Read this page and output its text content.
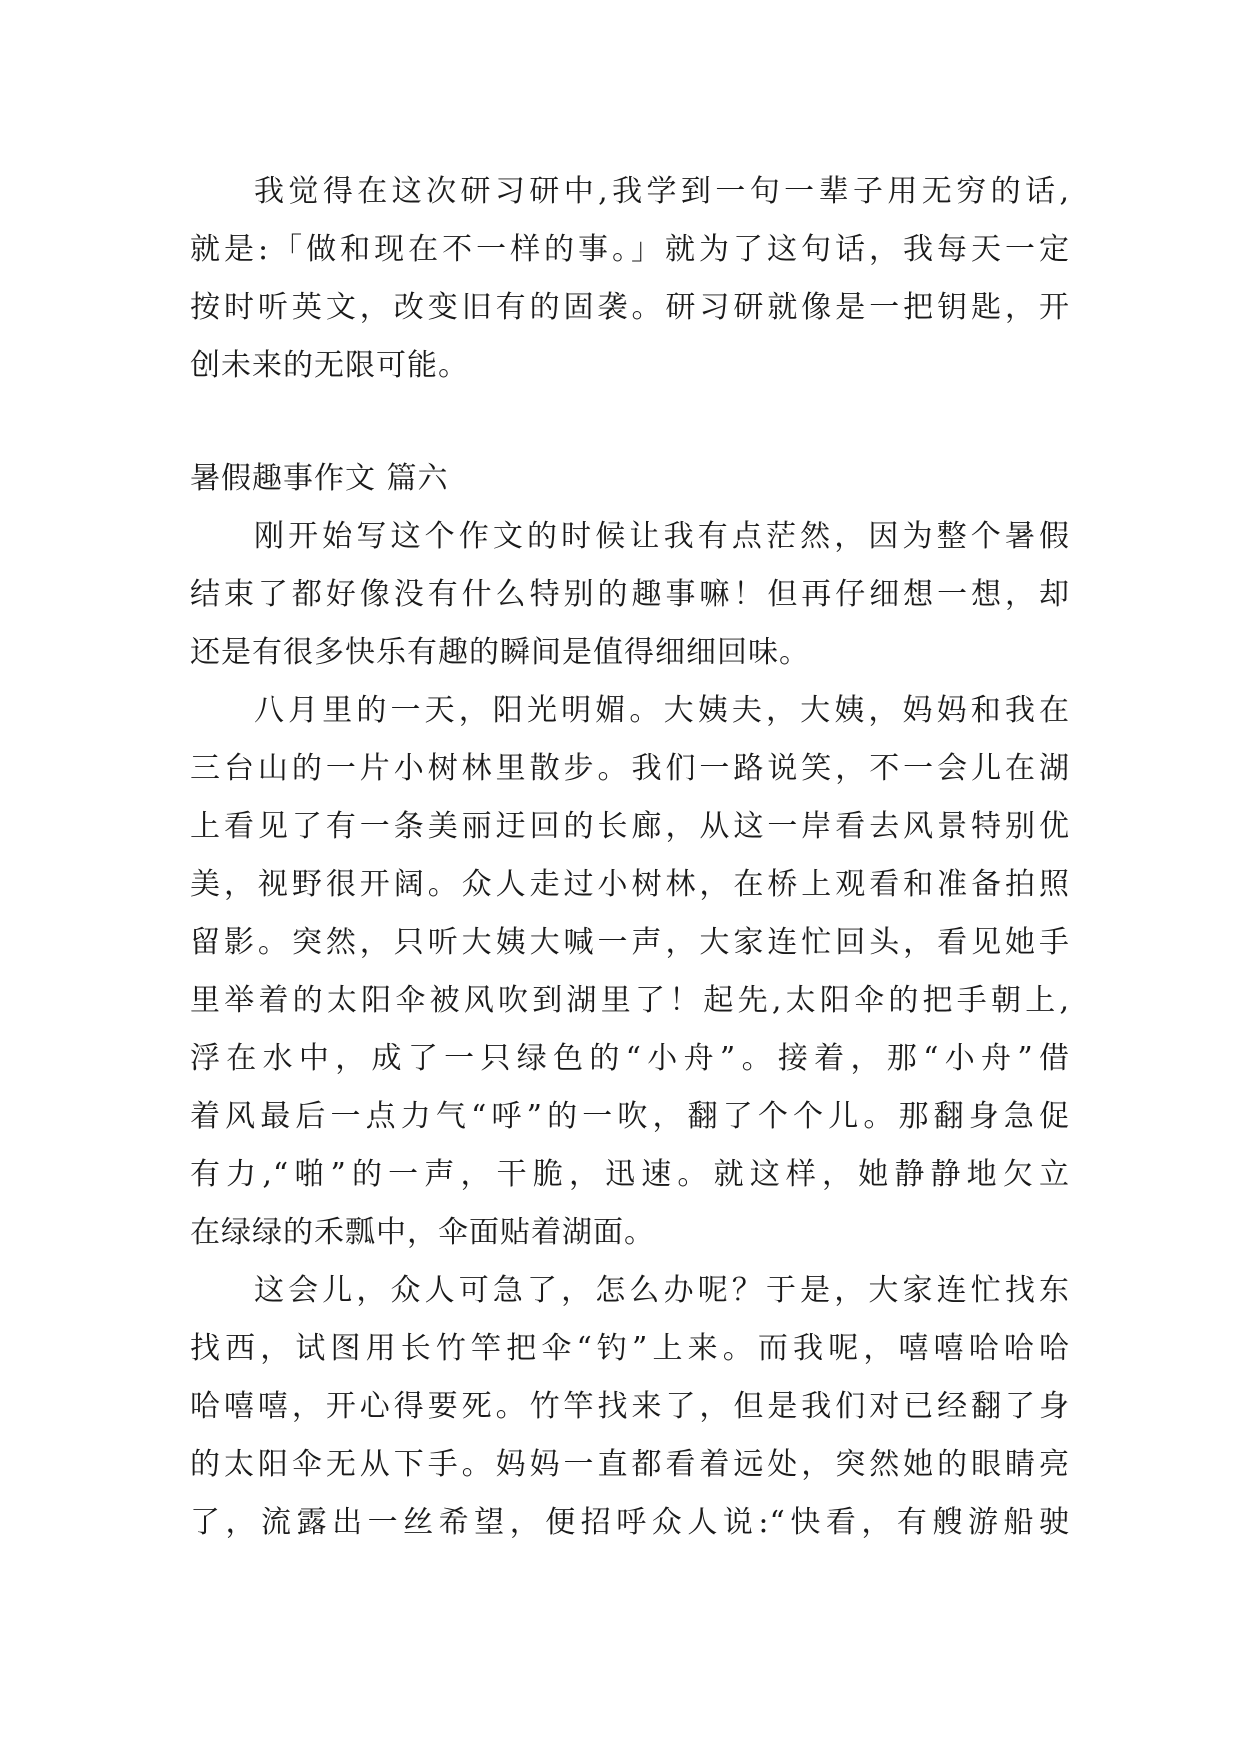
我觉得在这次研习研中,我学到一句一辈子用无穷的话,
就是:「做和现在不一样的事。」就为了这句话，我每天一定
按时听英文，改变旧有的固袭。研习研就像是一把钥匙，开
创未来的无限可能。
暑假趣事作文 篇六
刚开始写这个作文的时候让我有点茫然，因为整个暑假
结束了都好像没有什么特别的趣事嘛！但再仔细想一想，却
还是有很多快乐有趣的瞬间是值得细细回味。
八月里的一天，阳光明媚。大姨夫，大姨，妈妈和我在
三台山的一片小树林里散步。我们一路说笑，不一会儿在湖
上看见了有一条美丽迂回的长廊，从这一岸看去风景特别优
美，视野很开阔。众人走过小树林，在桥上观看和准备拍照
留影。突然，只听大姨大喊一声，大家连忙回头，看见她手
里举着的太阳伞被风吹到湖里了！起先,太阳伞的把手朝上,
浮在水中，成了一只绿色的“小舟”。接着，那“小舟”借
着风最后一点力气“呼”的一吹，翻了个个儿。那翻身急促
有力,“啪”的一声，干脆，迅速。就这样，她静静地欠立
在绿绿的禾瓢中，伞面贴着湖面。
这会儿，众人可急了，怎么办呢？于是，大家连忙找东
找西，试图用长竹竿把伞“钓”上来。而我呢，嘻嘻哈哈哈
哈嘻嘻，开心得要死。竹竿找来了，但是我们对已经翻了身
的太阳伞无从下手。妈妈一直都看着远处，突然她的眼睛亮
了，流露出一丝希望，便招呼众人说:“快看，有艘游船驶
